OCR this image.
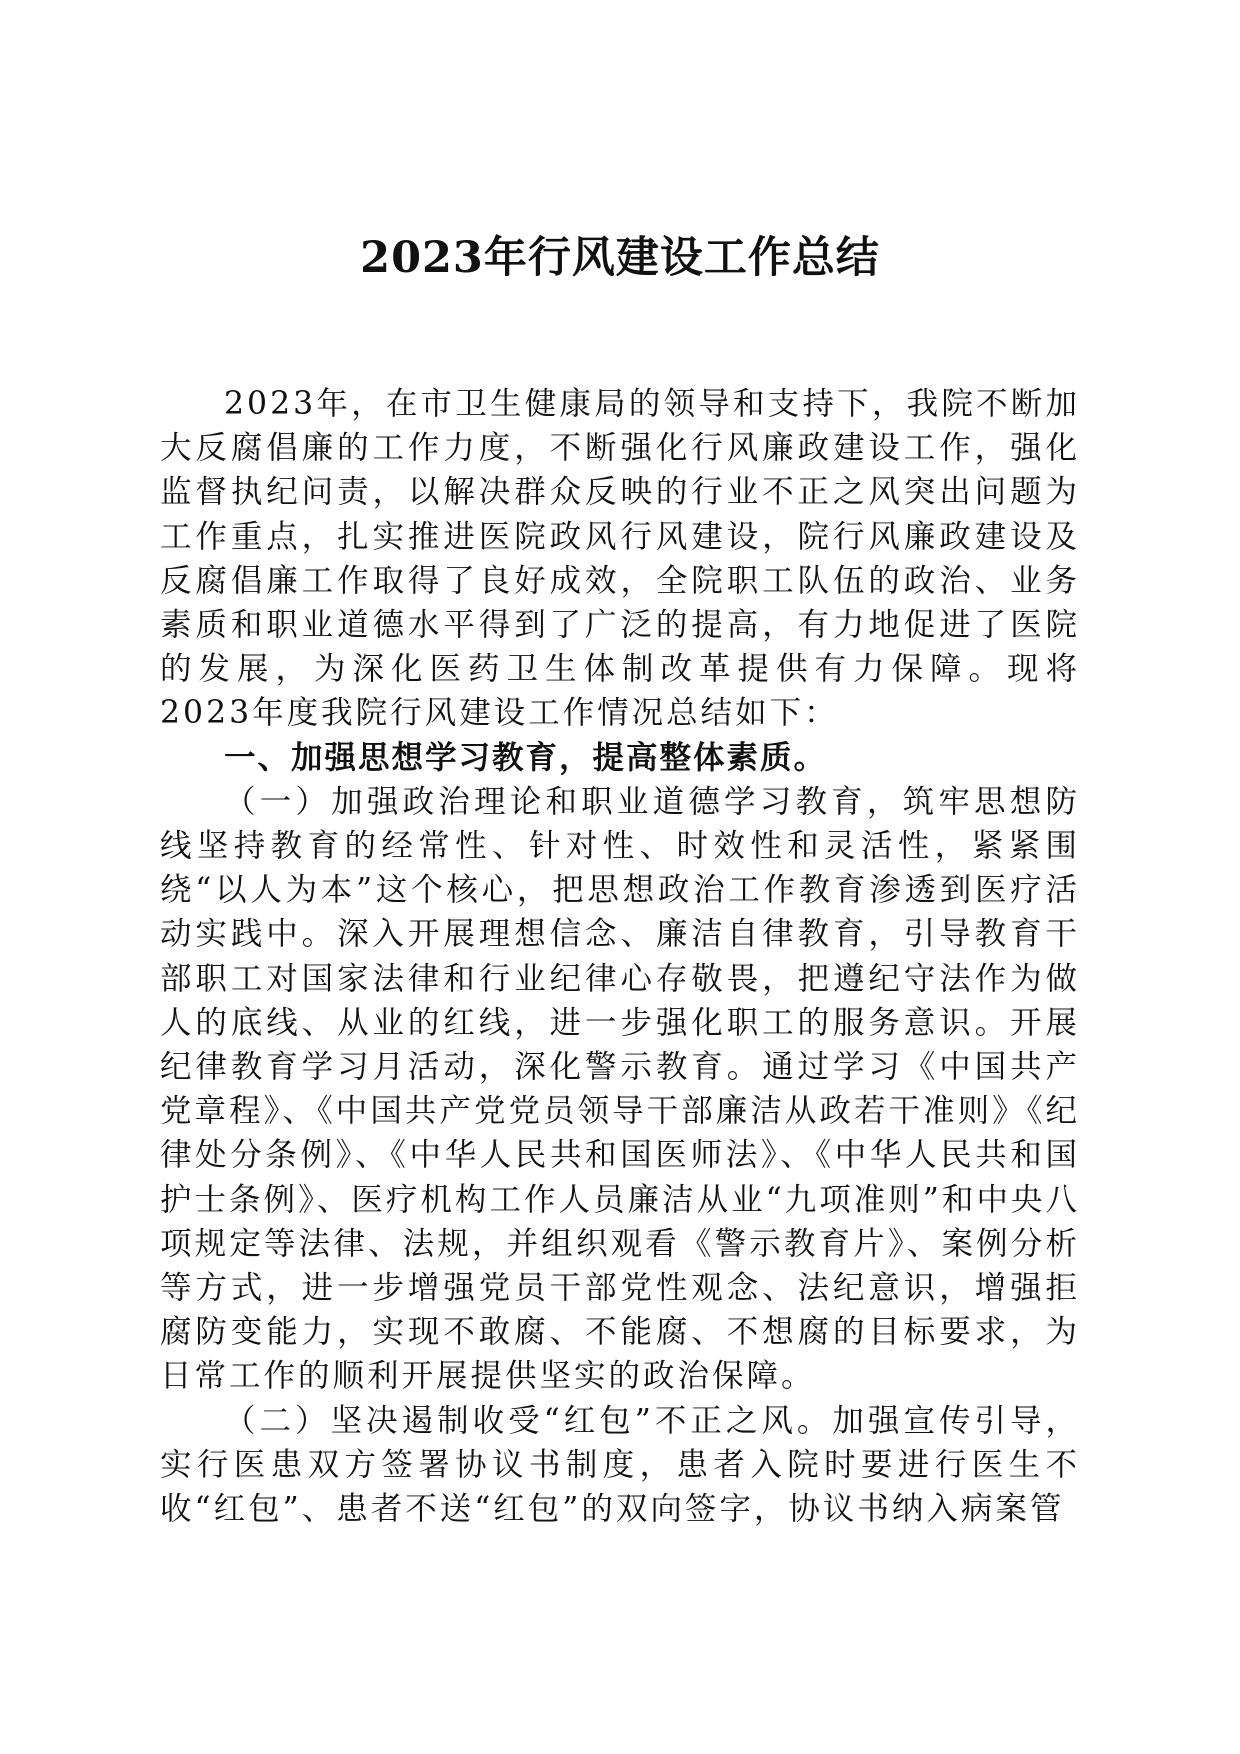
2023年行风建设工作总结

2023年，在市卫生健康局的领导和支持下，我院不断加大反腐倡廉的工作力度，不断强化行风廉政建设工作，强化监督执纪问责，以解决群众反映的行业不正之风突出问题为工作重点，扎实推进医院政风行风建设，院行风廉政建设及反腐倡廉工作取得了良好成效，全院职工队伍的政治、业务素质和职业道德水平得到了广泛的提高，有力地促进了医院的发展，为深化医药卫生体制改革提供有力保障。现将2023年度我院行风建设工作情况总结如下：

一、加强思想学习教育，提高整体素质。

（一）加强政治理论和职业道德学习教育，筑牢思想防线坚持教育的经常性、针对性、时效性和灵活性，紧紧围绕“以人为本”这个核心，把思想政治工作教育渗透到医疗活动实践中。深入开展理想信念、廉洁自律教育，引导教育干部职工对国家法律和行业纪律心存敬畏，把遵纪守法作为做人的底线、从业的红线，进一步强化职工的服务意识。开展纪律教育学习月活动，深化警示教育。通过学习《中国共产党章程》、《中国共产党党员领导干部廉洁从政若干准则》《纪律处分条例》、《中华人民共和国医师法》、《中华人民共和国护士条例》、医疗机构工作人员廉洁从业“九项准则”和中央八项规定等法律、法规，并组织观看《警示教育片》、案例分析等方式，进一步增强党员干部党性观念、法纪意识，增强拒腐防变能力，实现不敢腐、不能腐、不想腐的目标要求，为日常工作的顺利开展提供坚实的政治保障。

（二）坚决遏制收受“红包”不正之风。加强宣传引导，实行医患双方签署协议书制度，患者入院时要进行医生不收“红包”、患者不送“红包”的双向签字，协议书纳入病案管
